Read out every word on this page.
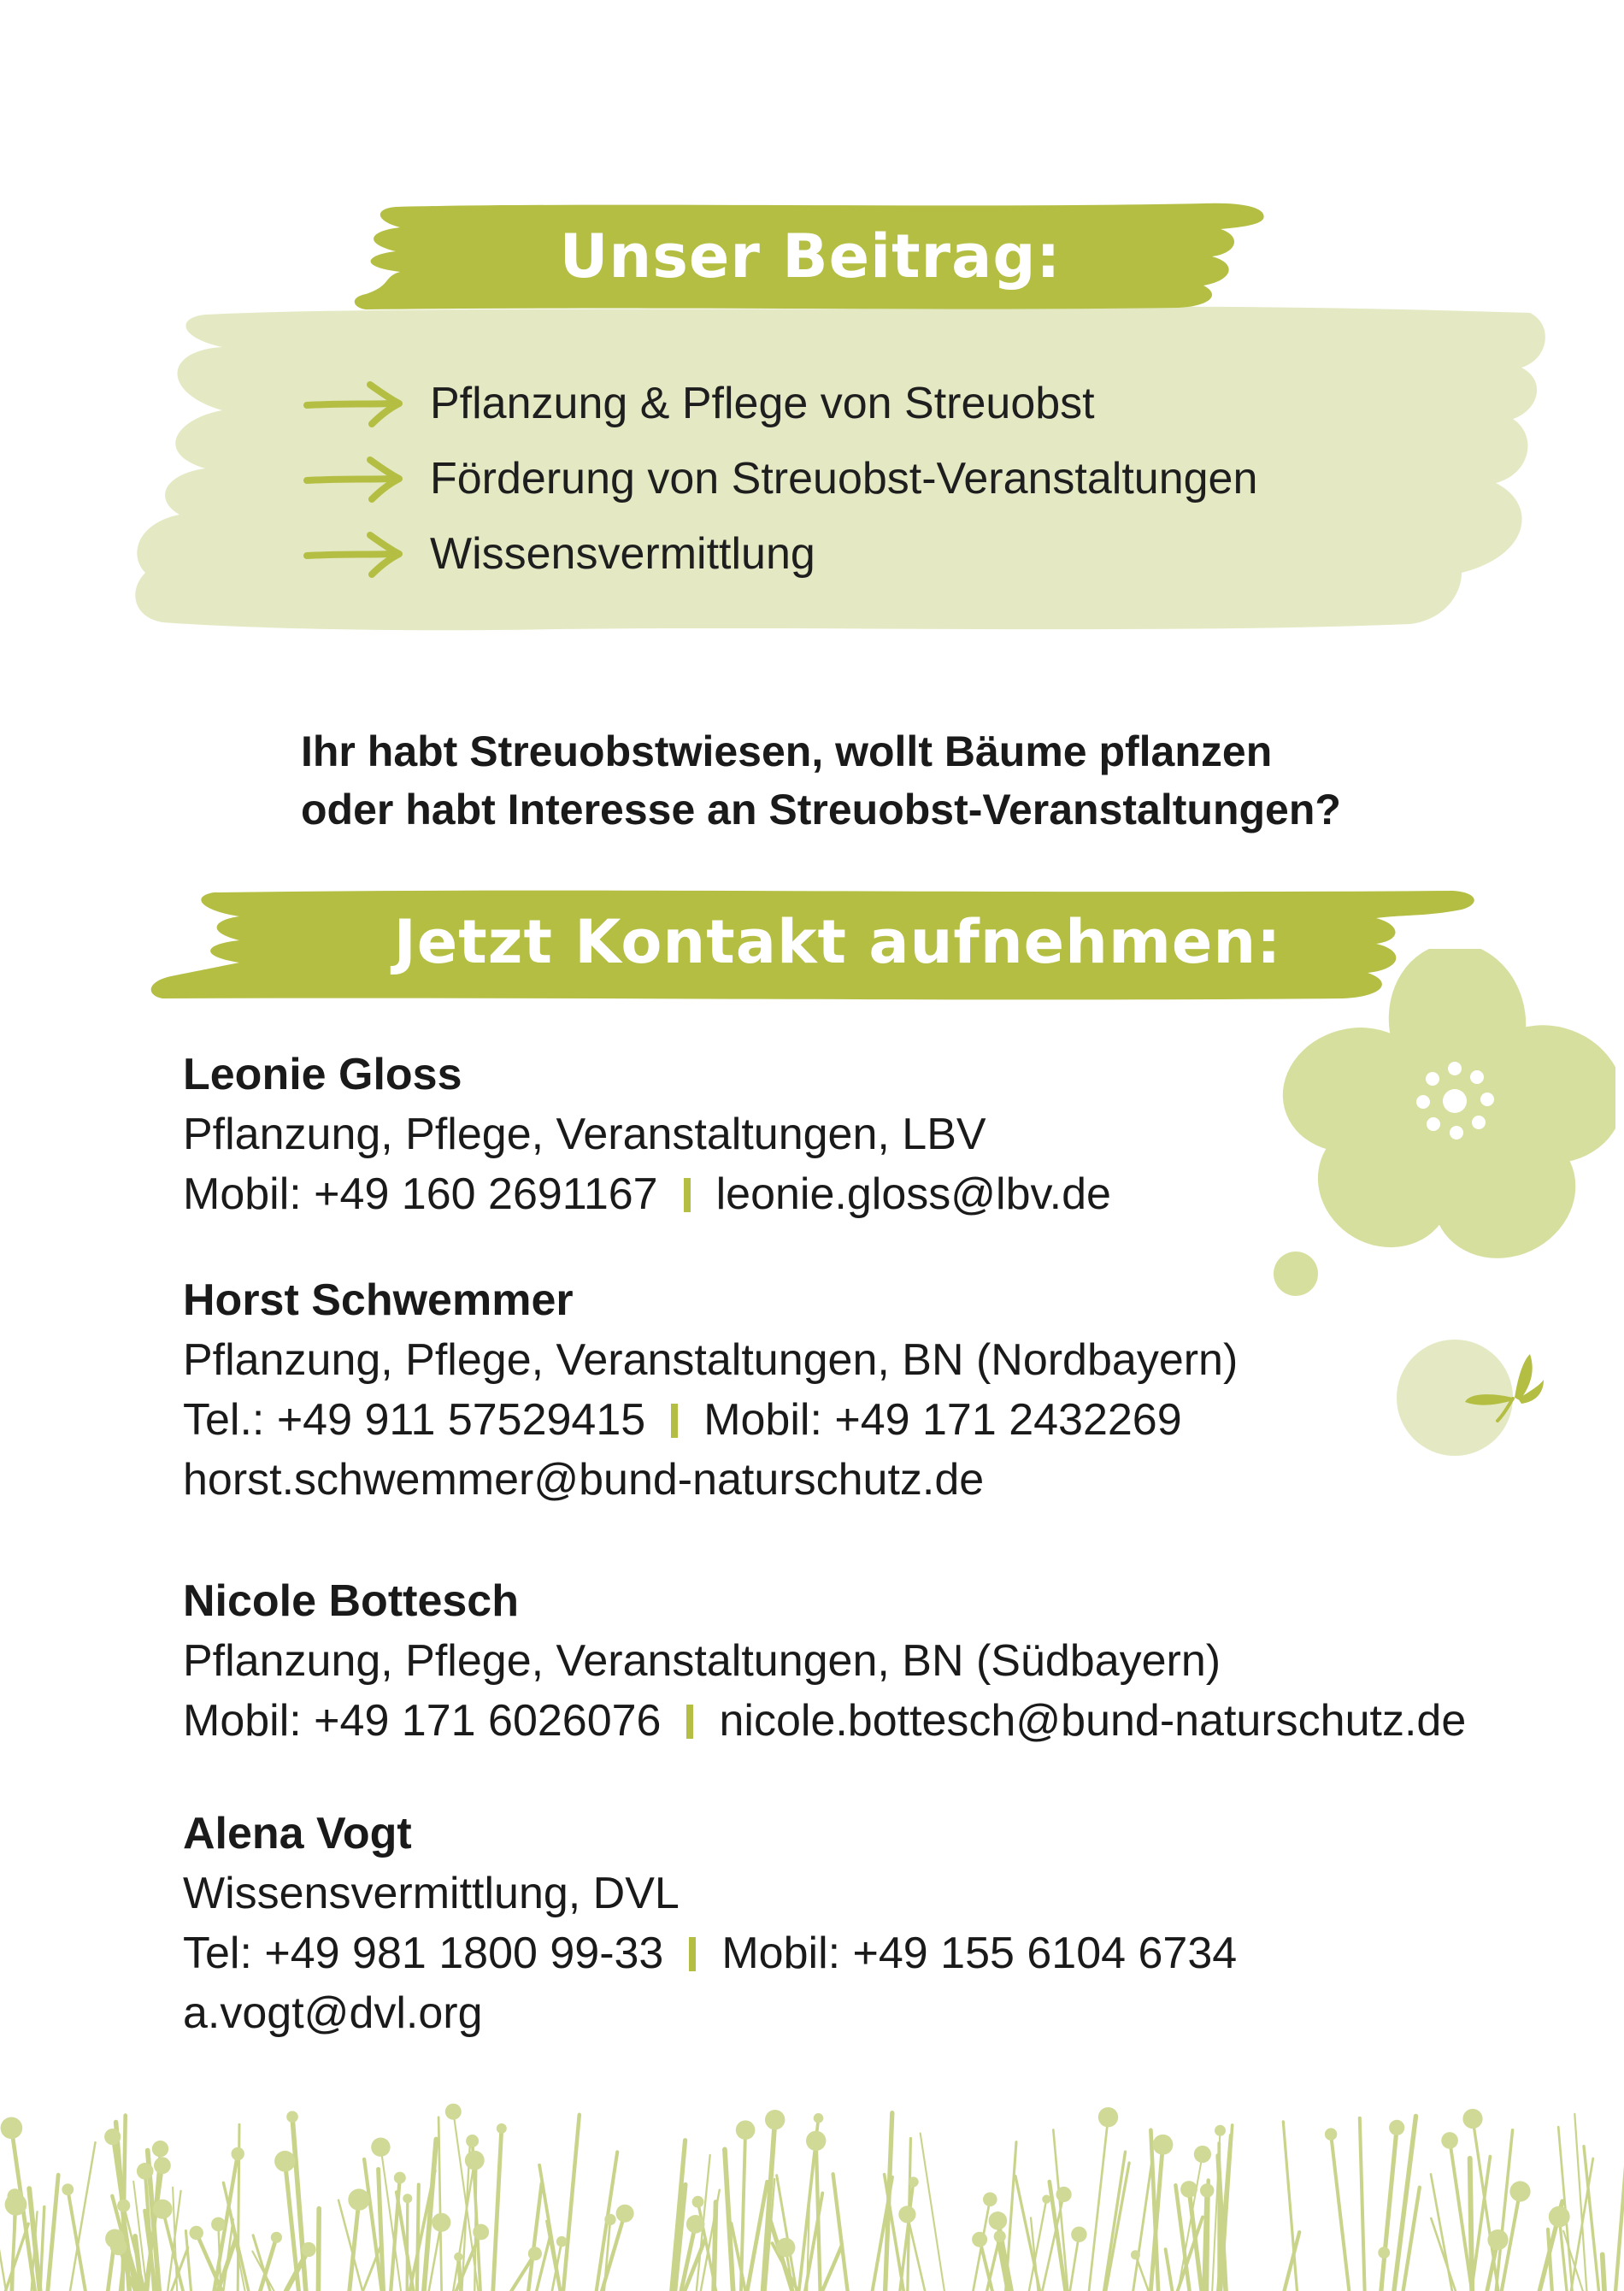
Unser Beitrag:
Pflanzung & Pflege von Streuobst
Förderung von Streuobst-Veranstaltungen
Wissensvermittlung
Ihr habt Streuobstwiesen, wollt Bäume pflanzen
oder habt Interesse an Streuobst-Veranstaltungen?
Jetzt Kontakt aufnehmen:
Leonie Gloss
Pflanzung, Pflege, Veranstaltungen, LBV
Mobil: +49 160 2691167 leonie.gloss@lbv.de
Horst Schwemmer
Pflanzung, Pflege, Veranstaltungen, BN (Nordbayern)
Tel.: +49 911 57529415 Mobil: +49 171 2432269
horst.schwemmer@bund-naturschutz.de
Nicole Bottesch
Pflanzung, Pflege, Veranstaltungen, BN (Südbayern)
Mobil: +49 171 6026076 nicole.bottesch@bund-naturschutz.de
Alena Vogt
Wissensvermittlung, DVL
Tel: +49 981 1800 99-33 Mobil: +49 155 6104 6734
a.vogt@dvl.org
